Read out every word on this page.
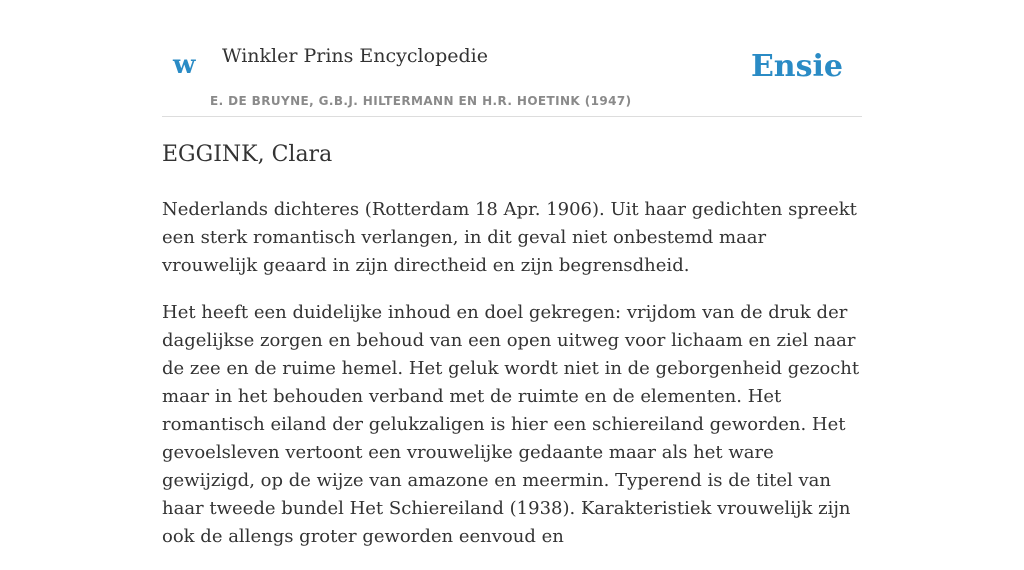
w Winkler Prins Encyclopedie
E. DE BRUYNE, G.B.J. HILTERMANN EN H.R. HOETINK (1947)
Ensie
EGGINK, Clara

Nederlands dichteres (Rotterdam 18 Apr. 1906). Uit haar gedichten spreekt een sterk romantisch verlangen, in dit geval niet onbestemd maar vrouwelijk geaard in zijn directheid en zijn begrensdheid.

Het heeft een duidelijke inhoud en doel gekregen: vrijdom van de druk der dagelijkse zorgen en behoud van een open uitweg voor lichaam en ziel naar de zee en de ruime hemel. Het geluk wordt niet in de geborgenheid gezocht maar in het behouden verband met de ruimte en de elementen. Het romantisch eiland der gelukzaligen is hier een schiereiland geworden. Het gevoelsleven vertoont een vrouwelijke gedaante maar als het ware gewijzigd, op de wijze van amazone en meermin. Typerend is de titel van haar tweede bundel Het Schiereiland (1938). Karakteristiek vrouwelijk zijn ook de allengs groter geworden eenvoud en
